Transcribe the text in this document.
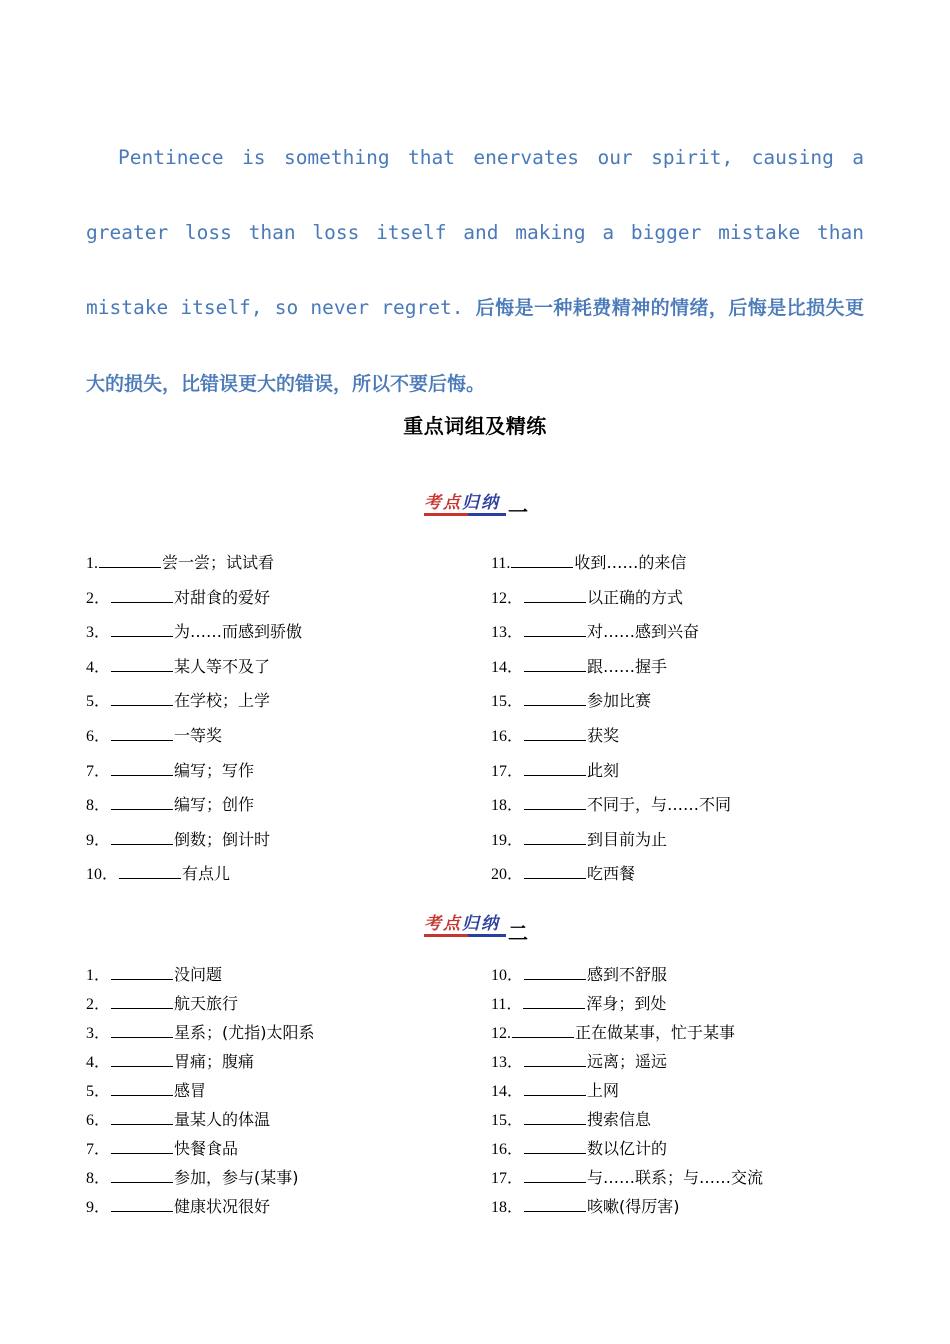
Pentinece is something that enervates our spirit, causing a greater loss than loss itself and making a bigger mistake than mistake itself, so never regret. 后悔是一种耗费精神的情绪，后悔是比损失更大的损失，比错误更大的错误，所以不要后悔。
重点词组及精练
考点归纳 一
1.	尝一尝；试试看
2．	对甜食的爱好
3．	为……而感到骄傲
4．	某人等不及了
5．	在学校；上学
6．	一等奖
7．	编写；写作
8．	编写；创作
9．	倒数；倒计时
10．	有点儿
11.	收到……的来信
12．	以正确的方式
13．	对……感到兴奋
14．	跟……握手
15．	参加比赛
16．	获奖
17．	此刻
18．	不同于，与……不同
19．	到目前为止
20．	吃西餐
考点归纳 二
1．	没问题
2．	航天旅行
3．	星系；(尤指)太阳系
4．	胃痛；腹痛
5．	感冒
6．	量某人的体温
7．	快餐食品
8．	参加，参与(某事)
9．	健康状况很好
10．	感到不舒服
11．	浑身；到处
12.	正在做某事，忙于某事
13．	远离；遥远
14．	上网
15．	搜索信息
16．	数以亿计的
17．	与……联系；与……交流
18．	咳嗽(得厉害)
